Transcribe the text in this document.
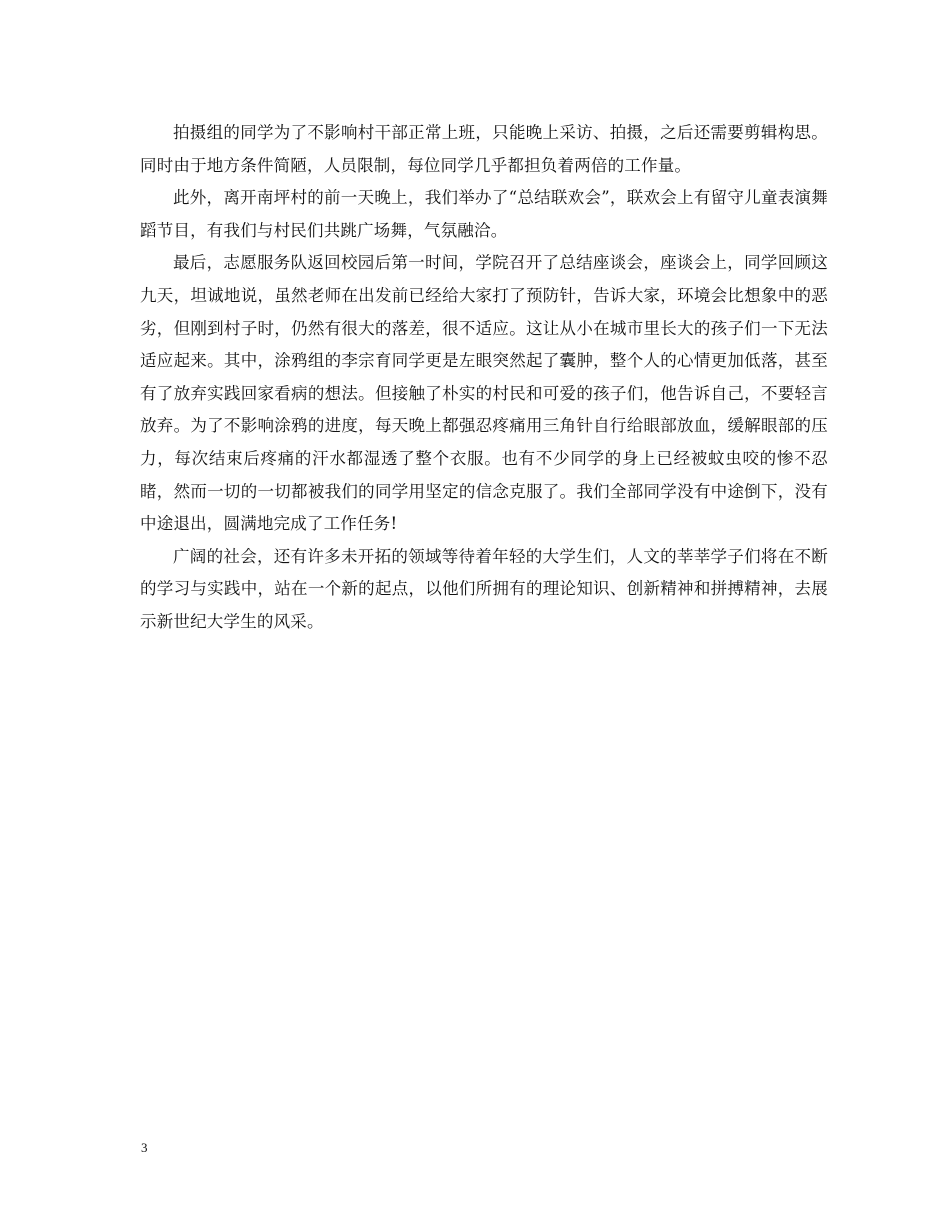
拍摄组的同学为了不影响村干部正常上班，只能晚上采访、拍摄，之后还需要剪辑构思。同时由于地方条件简陋，人员限制，每位同学几乎都担负着两倍的工作量。

此外，离开南坪村的前一天晚上，我们举办了“总结联欢会”，联欢会上有留守儿童表演舞蹈节目，有我们与村民们共跳广场舞，气氛融洽。

最后，志愿服务队返回校园后第一时间，学院召开了总结座谈会，座谈会上，同学回顾这九天，坦诚地说，虽然老师在出发前已经给大家打了预防针，告诉大家，环境会比想象中的恶劣，但刚到村子时，仍然有很大的落差，很不适应。这让从小在城市里长大的孩子们一下无法适应起来。其中，涂鸦组的李宗育同学更是左眼突然起了囊肿，整个人的心情更加低落，甚至有了放弃实践回家看病的想法。但接触了朴实的村民和可爱的孩子们，他告诉自己，不要轻言放弃。为了不影响涂鸦的进度，每天晚上都强忍疼痛用三角针自行给眼部放血，缓解眼部的压力，每次结束后疼痛的汗水都湿透了整个衣服。也有不少同学的身上已经被蚊虫咬的惨不忍睹，然而一切的一切都被我们的同学用坚定的信念克服了。我们全部同学没有中途倒下，没有中途退出，圆满地完成了工作任务!

广阔的社会，还有许多未开拓的领域等待着年轻的大学生们，人文的莘莘学子们将在不断的学习与实践中，站在一个新的起点，以他们所拥有的理论知识、创新精神和拼搏精神，去展示新世纪大学生的风采。

3
